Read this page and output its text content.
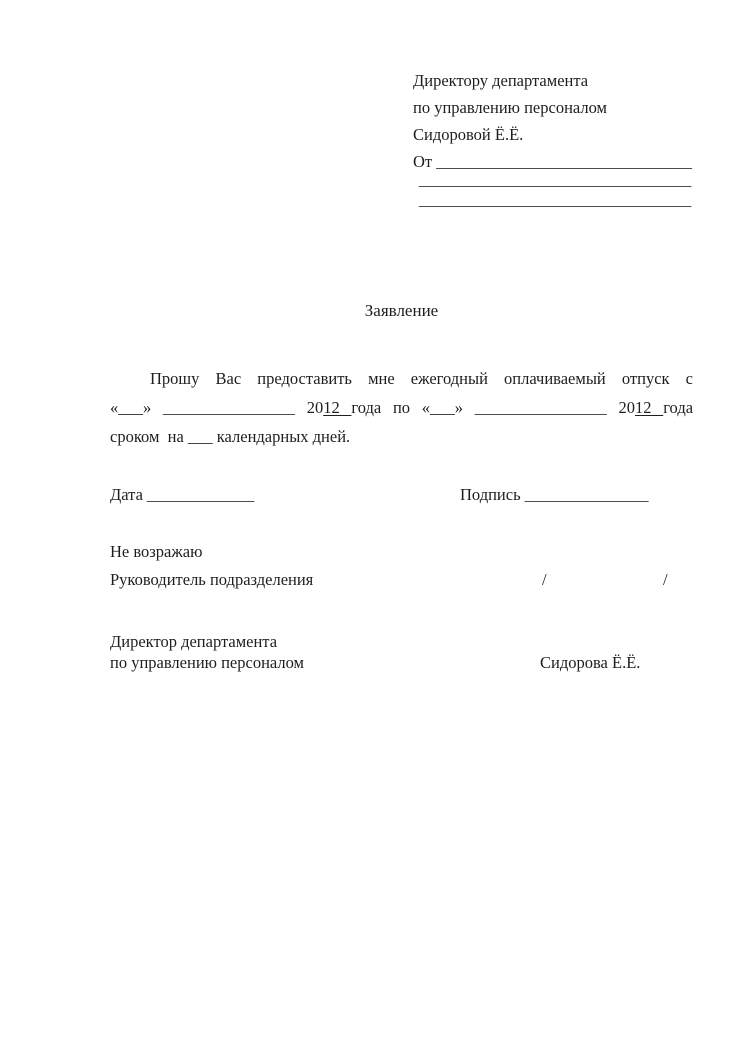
Директору департамента
по управлению персоналом
Сидоровой Ё.Ё.
От _______________________________
_________________________________
_________________________________
Заявление
Прошу Вас предоставить мне ежегодный оплачиваемый отпуск с
«___» ________________ 2012 года по «___» ________________ 2012 года
сроком  на ___ календарных дней.
Дата _____________	Подпись _______________
Не возражаю
Руководитель подразделения	/	/
Директор департамента
по управлению персоналом	Сидорова Ё.Ё.
